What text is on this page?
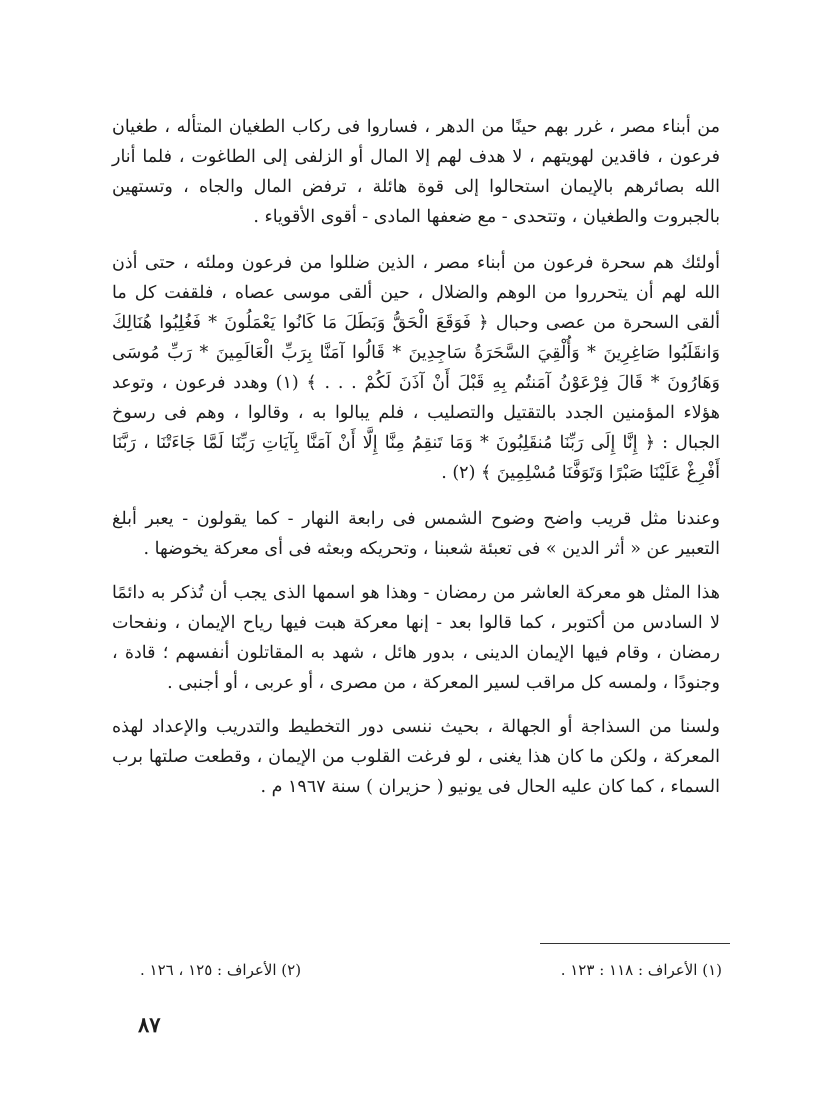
من أبناء مصر ، غرر بهم حينًا من الدهر ، فساروا فى ركاب الطغيان المتأله ، طغيان فرعون ، فاقدين لهويتهم ، لا هدف لهم إلا المال أو الزلفى إلى الطاغوت ، فلما أنار الله بصائرهم بالإيمان استحالوا إلى قوة هائلة ، ترفض المال والجاه ، وتستهين بالجبروت والطغيان ، وتتحدى - مع ضعفها المادى - أقوى الأقوياء .

أولئك هم سحرة فرعون من أبناء مصر ، الذين ضللوا من فرعون وملئه ، حتى أذن الله لهم أن يتحرروا من الوهم والضلال ، حين ألقى موسى عصاه ، فلقفت كل ما ألقى السحرة من عصى وحبال ﴿ فَوَقَعَ الْحَقُّ وَبَطَلَ مَا كَانُوا يَعْمَلُونَ * فَغُلِبُوا هُنَالِكَ وَانقَلَبُوا صَاغِرِينَ * وَأُلْقِيَ السَّحَرَةُ سَاجِدِينَ * قَالُوا آمَنَّا بِرَبِّ الْعَالَمِينَ * رَبِّ مُوسَى وَهَارُونَ * قَالَ فِرْعَوْنُ آمَنتُم بِهِ قَبْلَ أَنْ آذَنَ لَكُمْ . . . ﴾ (١) وهدد فرعون ، وتوعد هؤلاء المؤمنين الجدد بالتقتيل والتصليب ، فلم يبالوا به ، وقالوا ، وهم فى رسوخ الجبال : ﴿ إِنَّا إِلَى رَبِّنَا مُنقَلِبُونَ * وَمَا تَنقِمُ مِنَّا إِلَّا أَنْ آمَنَّا بِآيَاتِ رَبِّنَا لَمَّا جَاءَتْنَا ، رَبَّنَا أَفْرِغْ عَلَيْنَا صَبْرًا وَتَوَفَّنَا مُسْلِمِينَ ﴾ (٢) .

وعندنا مثل قريب واضح وضوح الشمس فى رابعة النهار - كما يقولون - يعبر أبلغ التعبير عن « أثر الدين » فى تعبئة شعبنا ، وتحريكه وبعثه فى أى معركة يخوضها .

هذا المثل هو معركة العاشر من رمضان - وهذا هو اسمها الذى يجب أن تُذكر به دائمًا لا السادس من أكتوبر ، كما قالوا بعد - إنها معركة هبت فيها رياح الإيمان ، ونفحات رمضان ، وقام فيها الإيمان الدينى ، بدور هائل ، شهد به المقاتلون أنفسهم ؛ قادة ، وجنودًا ، ولمسه كل مراقب لسير المعركة ، من مصرى ، أو عربى ، أو أجنبى .

ولسنا من السذاجة أو الجهالة ، بحيث ننسى دور التخطيط والتدريب والإعداد لهذه المعركة ، ولكن ما كان هذا يغنى ، لو فرغت القلوب من الإيمان ، وقطعت صلتها برب السماء ، كما كان عليه الحال فى يونيو ( حزيران ) سنة ١٩٦٧ م .

(١) الأعراف : ١١٨ : ١٢٣ .
(٢) الأعراف : ١٢٥ ، ١٢٦ .
٨٧
